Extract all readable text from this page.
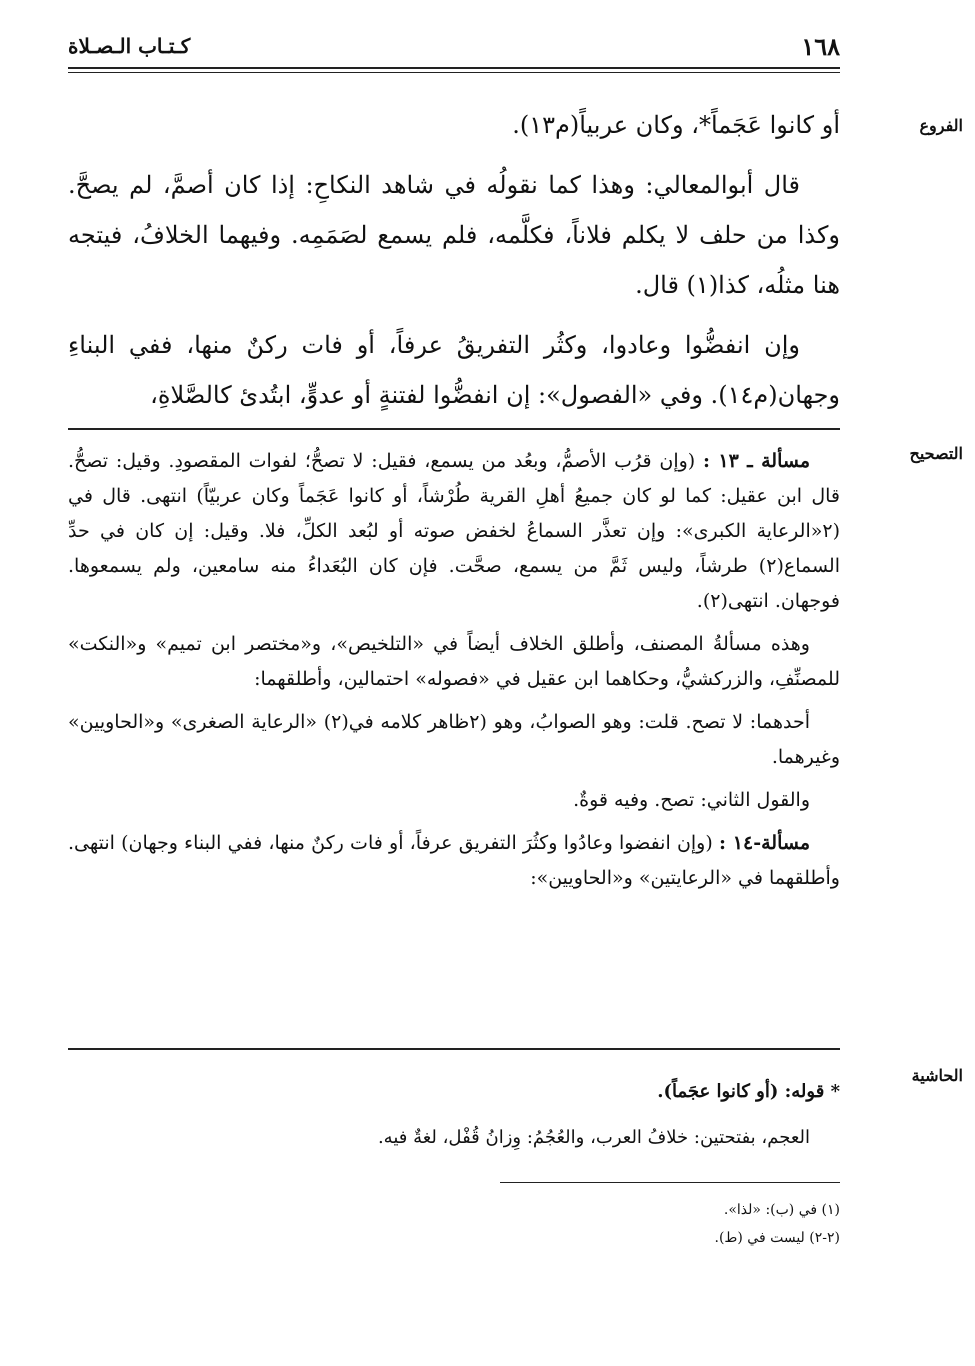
١٦٨
كـتـاب الـصـلاة
الفروع
التصحيح
الحاشية

أو كانوا عَجَماً*، وكان عربياً(م١٣).

قال أبوالمعالي: وهذا كما نقولُه في شاهد النكاحِ: إذا كان أصمَّ، لم يصحَّ. وكذا من حلف لا يكلم فلاناً، فكلَّمه، فلم يسمع لصَمَمِه. وفيهما الخلافُ، فيتجه هنا مثلُه، كذا(١) قال.

وإن انفضُّوا وعادوا، وكثُر التفريقُ عرفاً، أو فات ركنٌ منها، ففي البناءِ وجهان(م١٤). وفي «الفصول»: إن انفضُّوا لفتنةٍ أو عدوٍّ، ابتُدئ كالصَّلاةِ،

مسألة ـ ١٣ : (وإن قرُب الأصمُّ، وبعُد من يسمع، فقيل: لا تصحُّ؛ لفوات المقصودِ. وقيل: تصحُّ. قال ابن عقيل: كما لو كان جميعُ أهلِ القرية طُرْشاً، أو كانوا عَجَماً وكان عربيّاً) انتهى. قال في (٢«الرعاية الكبرى»: وإن تعذَّر السماعُ لخفض صوته أو لبُعد الكلِّ، فلا. وقيل: إن كان في حدِّ السماع(٢) طرشاً، وليس ثَمَّ من يسمع، صحَّت. فإن كان البُعَداءُ منه سامعين، ولم يسمعوها. فوجهان. انتهى(٢).

وهذه مسألةُ المصنف، وأطلق الخلاف أيضاً في «التلخيص»، و«مختصر ابن تميم» و«النكت» للمصنِّفِ، والزركشيُّ، وحكاهما ابن عقيل في «فصوله» احتمالين، وأطلقهما:

أحدهما: لا تصح. قلت: وهو الصوابُ، وهو (٢ظاهر كلامه في(٢) «الرعاية الصغرى» و«الحاويين» وغيرهما.

والقول الثاني: تصح. وفيه قوةٌ.

مسألة-١٤ : (وإن انفضوا وعادُوا وكثُرَ التفريق عرفاً، أو فات ركنٌ منها، ففي البناء وجهان) انتهى. وأطلقهما في «الرعايتين» و«الحاويين»:

* قوله: (أو كانوا عجَماً).

العجم، بفتحتين: خلافُ العرب، والعُجُمُ: وِزانُ قُفْل، لغةٌ فيه.

(١) في (ب): «لذا».

(٢-٢) ليست في (ط).
